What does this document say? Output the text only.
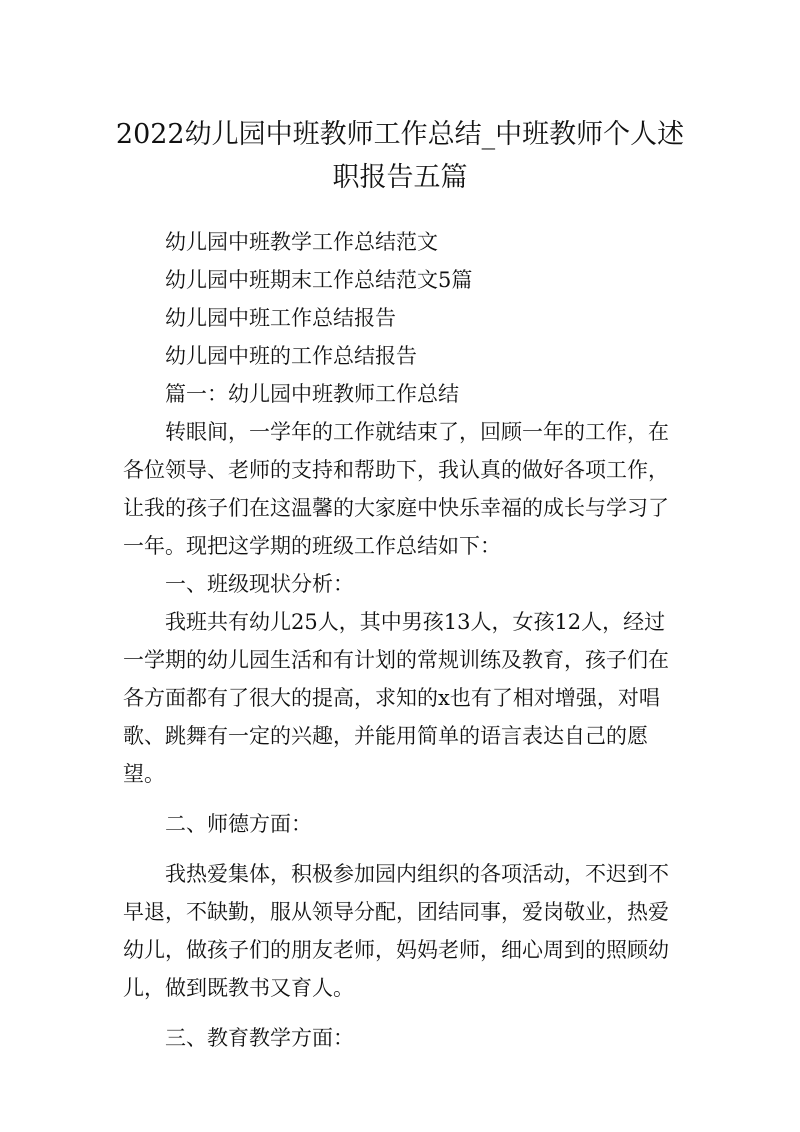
2022幼儿园中班教师工作总结_中班教师个人述职报告五篇

幼儿园中班教学工作总结范文

幼儿园中班期末工作总结范文5篇

幼儿园中班工作总结报告

幼儿园中班的工作总结报告

篇一：幼儿园中班教师工作总结

转眼间，一学年的工作就结束了，回顾一年的工作，在各位领导、老师的支持和帮助下，我认真的做好各项工作，让我的孩子们在这温馨的大家庭中快乐幸福的成长与学习了一年。现把这学期的班级工作总结如下：

一、班级现状分析：

我班共有幼儿25人，其中男孩13人，女孩12人，经过一学期的幼儿园生活和有计划的常规训练及教育，孩子们在各方面都有了很大的提高，求知的x也有了相对增强，对唱歌、跳舞有一定的兴趣，并能用简单的语言表达自己的愿望。

二、师德方面：

我热爱集体，积极参加园内组织的各项活动，不迟到不早退，不缺勤，服从领导分配，团结同事，爱岗敬业，热爱幼儿，做孩子们的朋友老师，妈妈老师，细心周到的照顾幼儿，做到既教书又育人。

三、教育教学方面：
